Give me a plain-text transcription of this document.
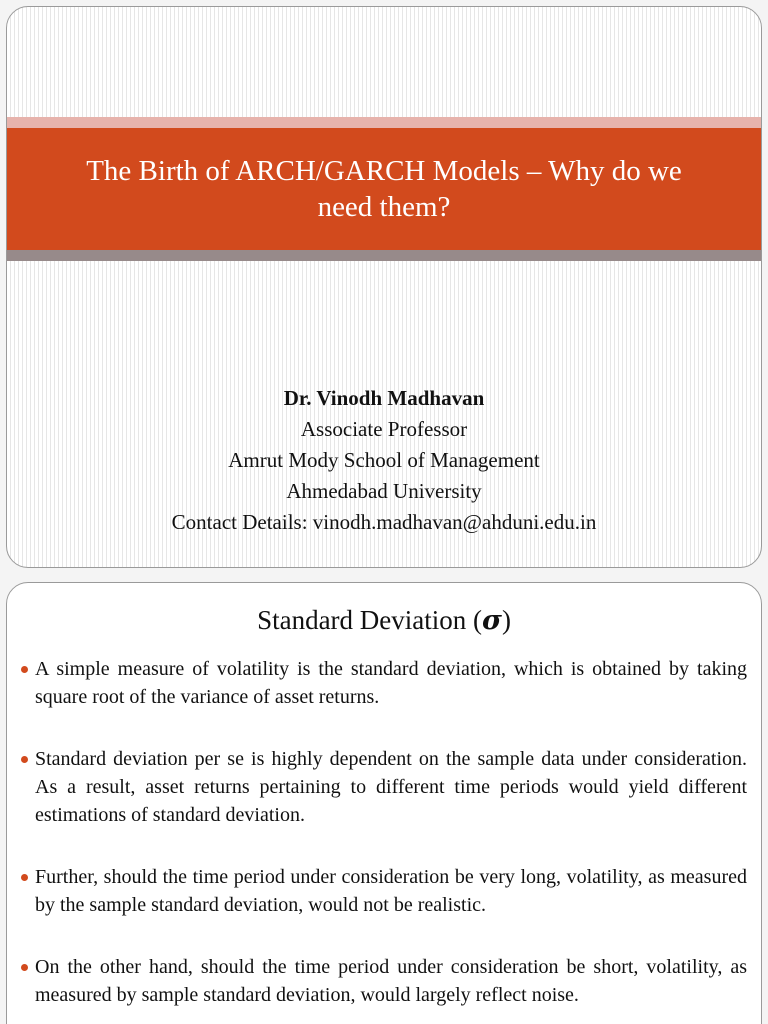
The Birth of ARCH/GARCH Models – Why do we need them?
Dr. Vinodh Madhavan
Associate Professor
Amrut Mody School of Management
Ahmedabad University
Contact Details: vinodh.madhavan@ahduni.edu.in
Standard Deviation (σ)
A simple measure of volatility is the standard deviation, which is obtained by taking square root of the variance of asset returns.
Standard deviation per se is highly dependent on the sample data under consideration. As a result, asset returns pertaining to different time periods would yield different estimations of standard deviation.
Further, should the time period under consideration be very long, volatility, as measured by the sample standard deviation, would not be realistic.
On the other hand, should the time period under consideration be short, volatility, as measured by sample standard deviation, would largely reflect noise.
